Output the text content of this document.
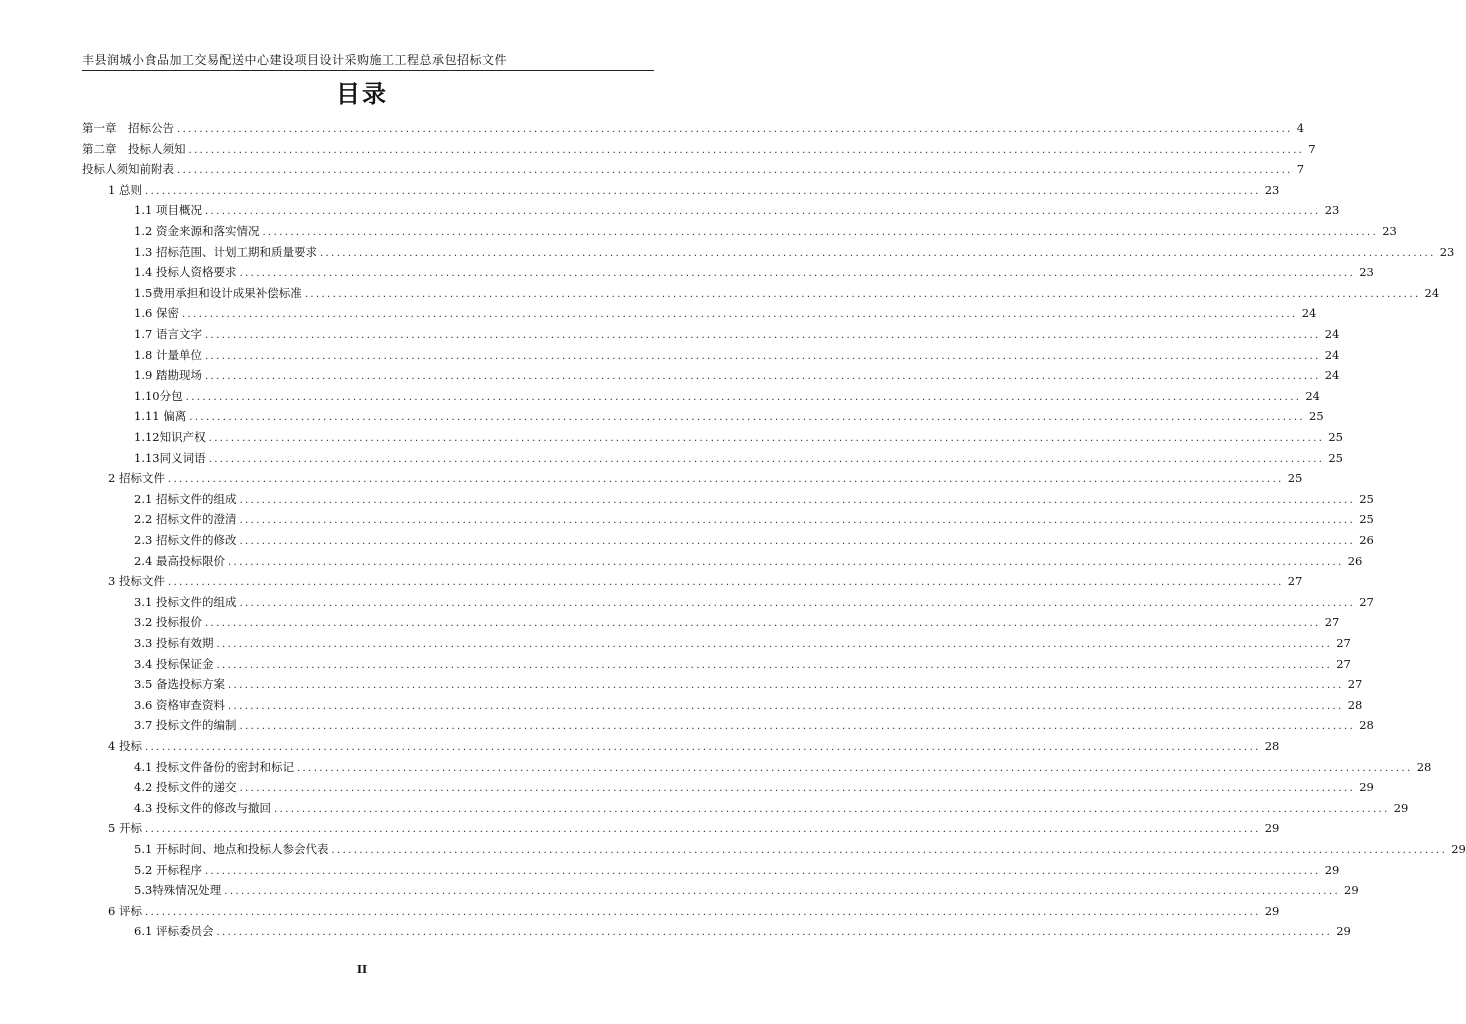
丰县润城小食品加工交易配送中心建设项目设计采购施工工程总承包招标文件
目录
第一章　招标公告 ........................................................................................................................................................................................................ 4
第二章　投标人须知 ........................................................................................................................................................................................................ 7
投标人须知前附表 ........................................................................................................................................................................................................ 7
1 总则 ........................................................................................................................................................................................................ 23
1.1 项目概况 ........................................................................................................................................................................................................ 23
1.2 资金来源和落实情况 ........................................................................................................................................................................................................ 23
1.3 招标范围、计划工期和质量要求 ........................................................................................................................................................................................................ 23
1.4 投标人资格要求 ........................................................................................................................................................................................................ 23
1.5费用承担和设计成果补偿标准 ........................................................................................................................................................................................................ 24
1.6 保密 ........................................................................................................................................................................................................ 24
1.7 语言文字 ........................................................................................................................................................................................................ 24
1.8 计量单位 ........................................................................................................................................................................................................ 24
1.9 踏勘现场 ........................................................................................................................................................................................................ 24
1.10分包 ........................................................................................................................................................................................................ 24
1.11 偏离 ........................................................................................................................................................................................................ 25
1.12知识产权 ........................................................................................................................................................................................................ 25
1.13同义词语 ........................................................................................................................................................................................................ 25
2 招标文件 ........................................................................................................................................................................................................ 25
2.1 招标文件的组成 ........................................................................................................................................................................................................ 25
2.2 招标文件的澄清 ........................................................................................................................................................................................................ 25
2.3 招标文件的修改 ........................................................................................................................................................................................................ 26
2.4 最高投标限价 ........................................................................................................................................................................................................ 26
3 投标文件 ........................................................................................................................................................................................................ 27
3.1 投标文件的组成 ........................................................................................................................................................................................................ 27
3.2 投标报价 ........................................................................................................................................................................................................ 27
3.3 投标有效期 ........................................................................................................................................................................................................ 27
3.4 投标保证金 ........................................................................................................................................................................................................ 27
3.5 备选投标方案 ........................................................................................................................................................................................................ 27
3.6 资格审查资料 ........................................................................................................................................................................................................ 28
3.7 投标文件的编制 ........................................................................................................................................................................................................ 28
4 投标 ........................................................................................................................................................................................................ 28
4.1 投标文件备份的密封和标记 ........................................................................................................................................................................................................ 28
4.2 投标文件的递交 ........................................................................................................................................................................................................ 29
4.3 投标文件的修改与撤回 ........................................................................................................................................................................................................ 29
5 开标 ........................................................................................................................................................................................................ 29
5.1 开标时间、地点和投标人参会代表 ........................................................................................................................................................................................................ 29
5.2 开标程序 ........................................................................................................................................................................................................ 29
5.3特殊情况处理 ........................................................................................................................................................................................................ 29
6 评标 ........................................................................................................................................................................................................ 29
6.1 评标委员会 ........................................................................................................................................................................................................ 29
II
